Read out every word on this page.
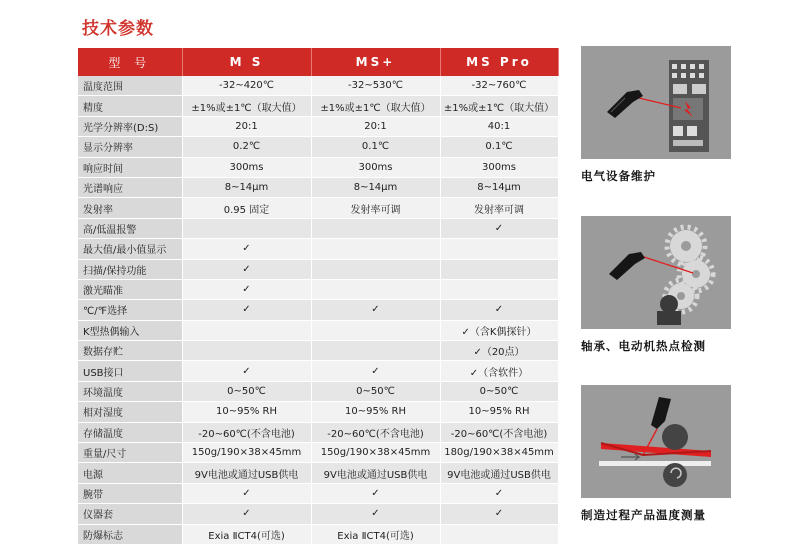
技术参数
型 号	M S	MS+	MS Pro
温度范围	-32~420℃	-32~530℃	-32~760℃
精度	±1%或±1℃（取大值）	±1%或±1℃（取大值）	±1%或±1℃（取大值）
光学分辨率(D:S)	20:1	20:1	40:1
显示分辨率	0.2℃	0.1℃	0.1℃
响应时间	300ms	300ms	300ms
光谱响应	8~14μm	8~14μm	8~14μm
发射率	0.95 固定	发射率可调	发射率可调
高/低温报警			✓
最大值/最小值显示	✓		
扫描/保持功能	✓		
激光瞄准	✓		
℃/℉选择	✓	✓	✓
K型热偶输入			✓（含K偶探针）
数据存贮			✓（20点）
USB接口	✓	✓	✓（含软件）
环境温度	0~50℃	0~50℃	0~50℃
相对湿度	10~95% RH	10~95% RH	10~95% RH
存储温度	-20~60℃(不含电池)	-20~60℃(不含电池)	-20~60℃(不含电池)
重量/尺寸	150g/190×38×45mm	150g/190×38×45mm	180g/190×38×45mm
电源	9V电池或通过USB供电	9V电池或通过USB供电	9V电池或通过USB供电
腕带	✓	✓	✓
仪器套	✓	✓	✓
防爆标志	Exia ⅡCT4(可选)	Exia ⅡCT4(可选)	
电气设备维护
轴承、电动机热点检测
制造过程产品温度测量
